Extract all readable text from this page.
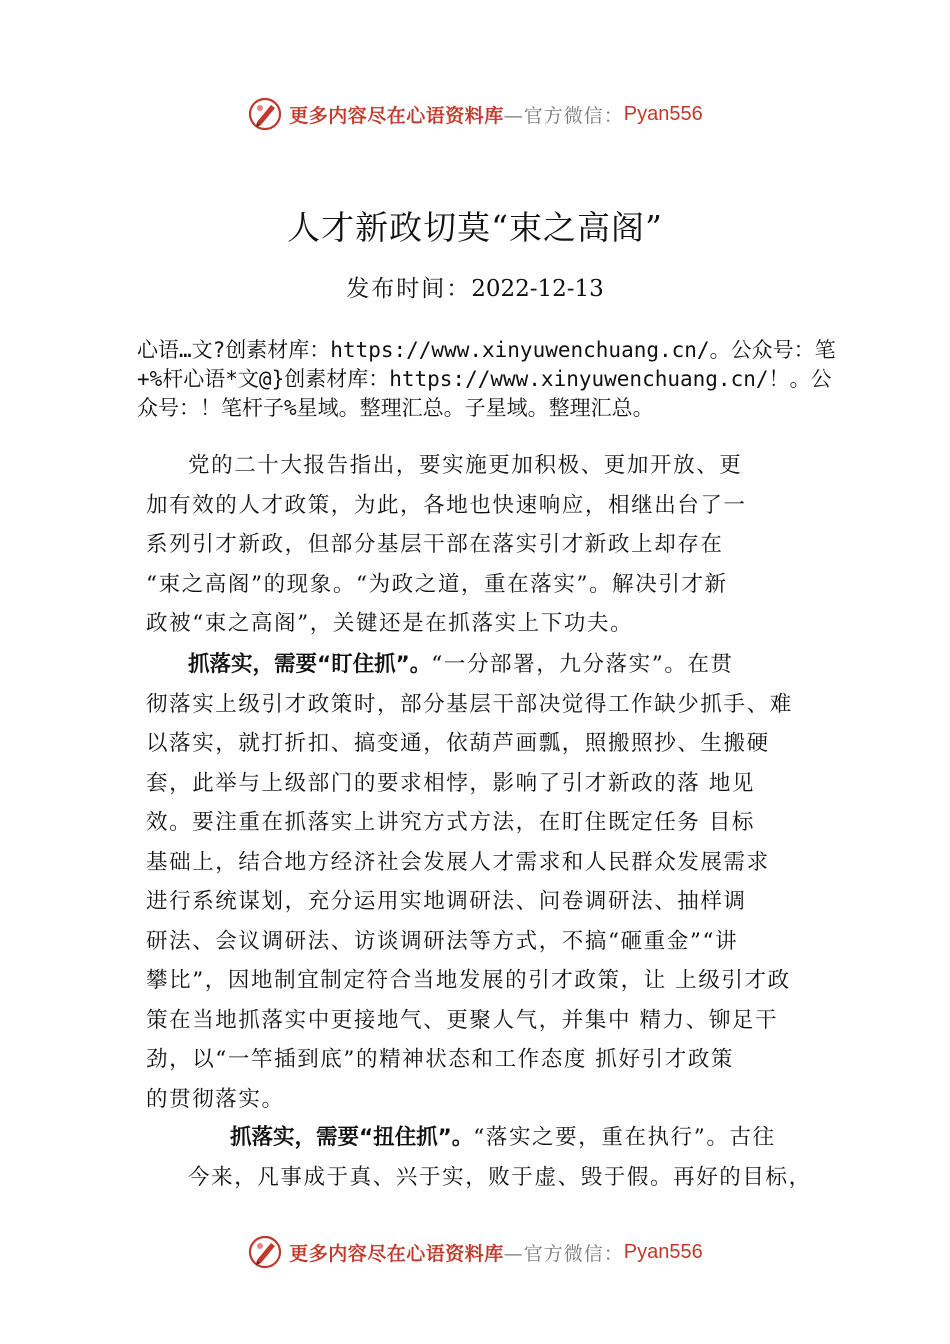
更多内容尽在心语资料库 —官方微信： Pyan556
人才新政切莫“束之高阁”
发布时间：2022-12-13
心语…文?创素材库：https://www.xinyuwenchuang.cn/。公众号：笔+%杆心语*文@}创素材库：https://www.xinyuwenchuang.cn/！。公众号：！笔杆子%星域。整理汇总。子星域。整理汇总。
党的二十大报告指出，要实施更加积极、更加开放、更
加有效的人才政策，为此，各地也快速响应，相继出台了一
系列引才新政，但部分基层干部在落实引才新政上却存在
“束之高阁”的现象。“为政之道，重在落实”。解决引才新
政被“束之高阁”，关键还是在抓落实上下功夫。
抓落实，需要“盯住抓”。“一分部署，九分落实”。在贯
彻落实上级引才政策时，部分基层干部决觉得工作缺少抓手、难
以落实，就打折扣、搞变通，依葫芦画瓢，照搬照抄、生搬硬
套，此举与上级部门的要求相悖，影响了引才新政的落 地见
效。要注重在抓落实上讲究方式方法，在盯住既定任务 目标
基础上，结合地方经济社会发展人才需求和人民群众发展需求
进行系统谋划，充分运用实地调研法、问卷调研法、抽样调
研法、会议调研法、访谈调研法等方式，不搞“砸重金”“讲
攀比”，因地制宜制定符合当地发展的引才政策，让 上级引才政
策在当地抓落实中更接地气、更聚人气，并集中 精力、铆足干
劲，以“一竿插到底”的精神状态和工作态度 抓好引才政策
的贯彻落实。
抓落实，需要“扭住抓”。“落实之要，重在执行”。古往
今来，凡事成于真、兴于实，败于虚、毁于假。再好的目标，
更多内容尽在心语资料库 —官方微信： Pyan556
